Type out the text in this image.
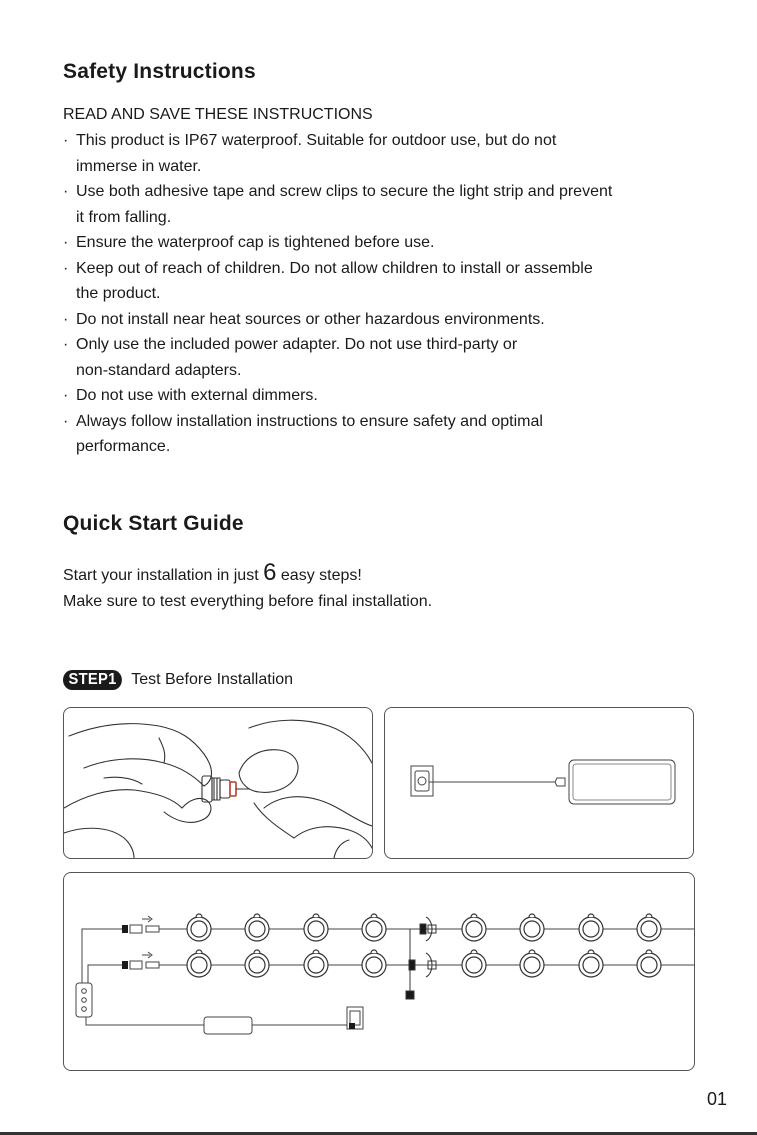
Safety Instructions
READ AND SAVE THESE INSTRUCTIONS
· This product is IP67 waterproof. Suitable for outdoor use, but do not
immerse in water.
· Use both adhesive tape and screw clips to secure the light strip and prevent
it from falling.
· Ensure the waterproof cap is tightened before use.
· Keep out of reach of children. Do not allow children to install or assemble
the product.
· Do not install near heat sources or other hazardous environments.
· Only use the included power adapter. Do not use third-party or
non-standard adapters.
· Do not use with external dimmers.
· Always follow installation instructions to ensure safety and optimal
performance.
Quick Start Guide
Start your installation in just 6 easy steps!
Make sure to test everything before final installation.
STEP1 Test Before Installation
01
